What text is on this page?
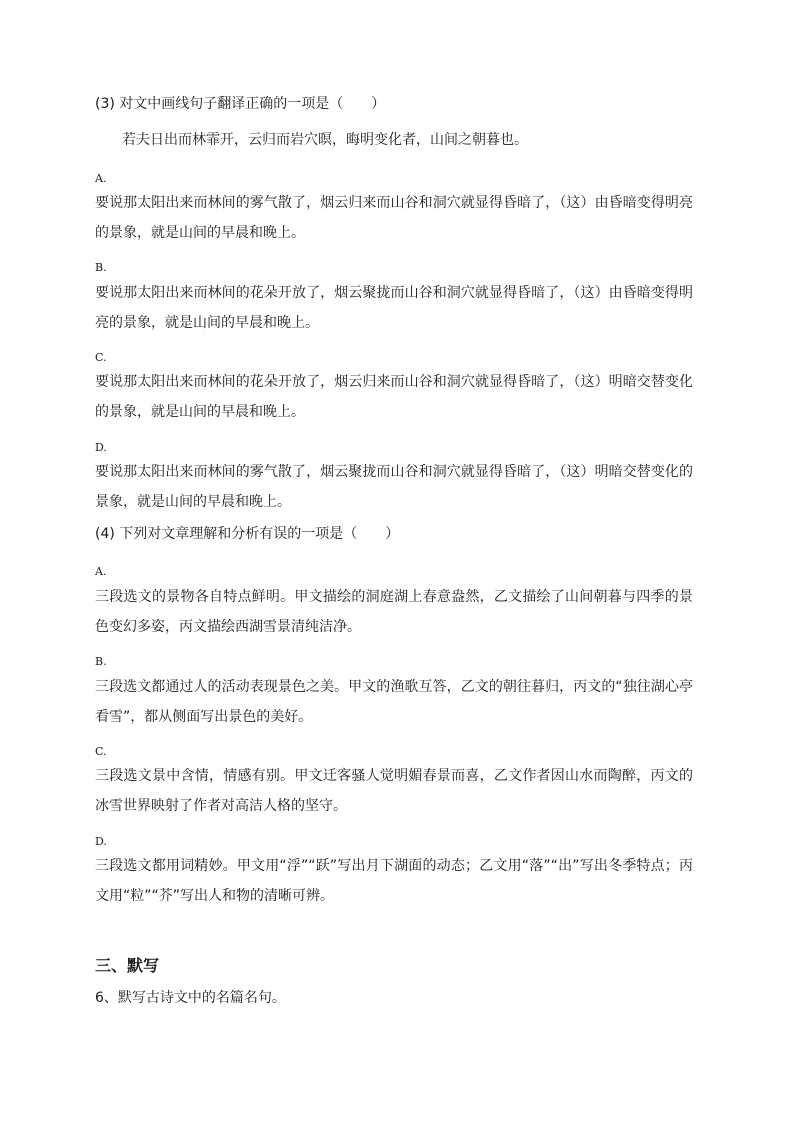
(3) 对文中画线句子翻译正确的一项是（　　）
若夫日出而林霏开，云归而岩穴暝，晦明变化者，山间之朝暮也。
A.
要说那太阳出来而林间的雾气散了，烟云归来而山谷和洞穴就显得昏暗了，（这）由昏暗变得明亮的景象，就是山间的早晨和晚上。
B.
要说那太阳出来而林间的花朵开放了，烟云聚拢而山谷和洞穴就显得昏暗了，（这）由昏暗变得明亮的景象，就是山间的早晨和晚上。
C.
要说那太阳出来而林间的花朵开放了，烟云归来而山谷和洞穴就显得昏暗了，（这）明暗交替变化的景象，就是山间的早晨和晚上。
D.
要说那太阳出来而林间的雾气散了，烟云聚拢而山谷和洞穴就显得昏暗了，（这）明暗交替变化的景象，就是山间的早晨和晚上。
(4) 下列对文章理解和分析有误的一项是（　　）
A.
三段选文的景物各自特点鲜明。甲文描绘的洞庭湖上春意盎然，乙文描绘了山间朝暮与四季的景色变幻多姿，丙文描绘西湖雪景清纯洁净。
B.
三段选文都通过人的活动表现景色之美。甲文的渔歌互答，乙文的朝往暮归，丙文的“独往湖心亭看雪”，都从侧面写出景色的美好。
C.
三段选文景中含情，情感有别。甲文迁客骚人觉明媚春景而喜，乙文作者因山水而陶醉，丙文的冰雪世界映射了作者对高洁人格的坚守。
D.
三段选文都用词精妙。甲文用“浮”“跃”写出月下湖面的动态；乙文用“落”“出”写出冬季特点；丙文用“粒”“芥”写出人和物的清晰可辨。
三、默写
6、默写古诗文中的名篇名句。
